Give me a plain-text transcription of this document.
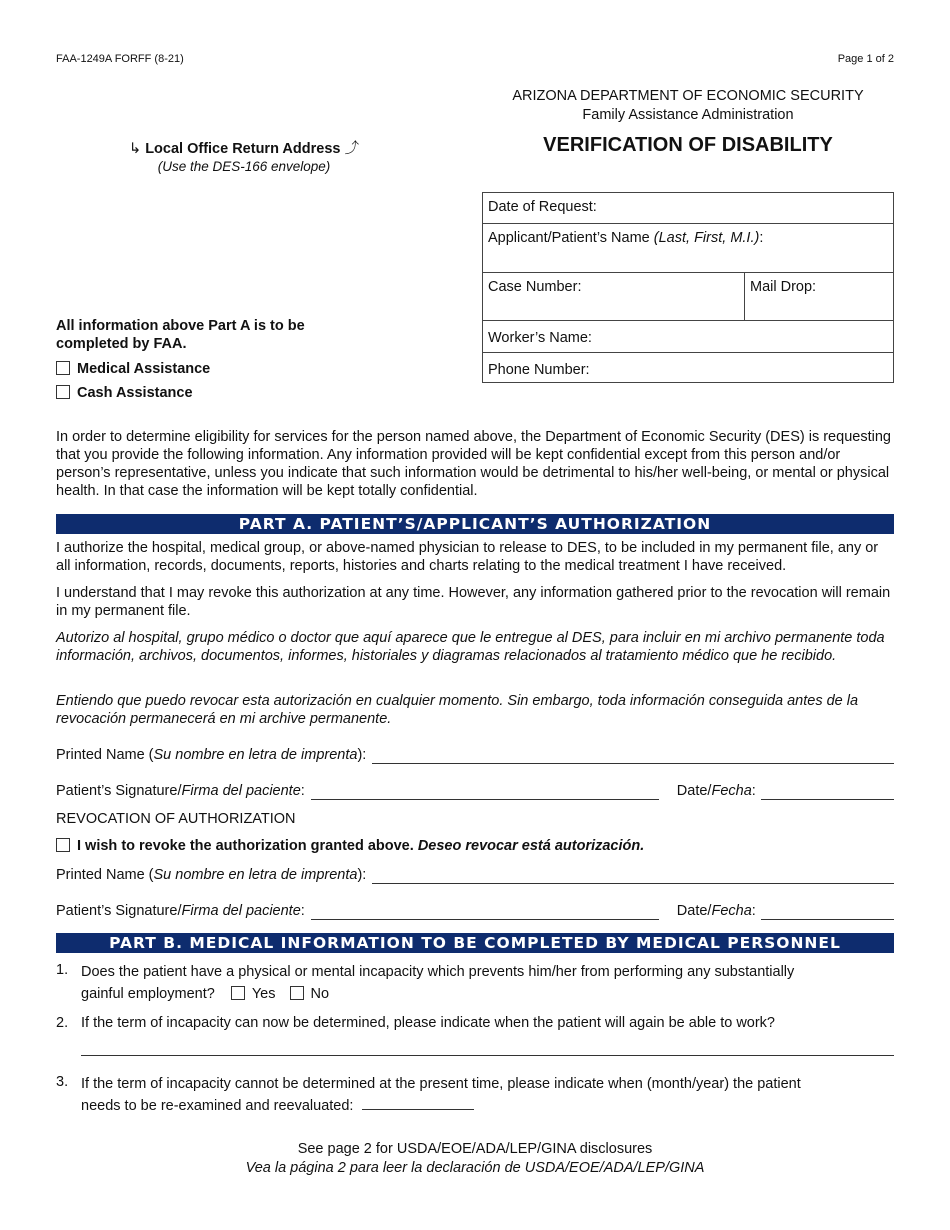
FAA-1249A FORFF (8-21)	Page 1 of 2
ARIZONA DEPARTMENT OF ECONOMIC SECURITY
Family Assistance Administration
VERIFICATION OF DISABILITY
↳ Local Office Return Address ⤴
(Use the DES-166 envelope)
Date of Request:
Applicant/Patient’s Name (Last, First, M.I.):
Case Number:	Mail Drop:
Worker’s Name:
Phone Number:
All information above Part A is to be completed by FAA.
Medical Assistance
Cash Assistance

In order to determine eligibility for services for the person named above, the Department of Economic Security (DES) is requesting that you provide the following information. Any information provided will be kept confidential except from this person and/or person’s representative, unless you indicate that such information would be detrimental to his/her well-being, or mental or physical health. In that case the information will be kept totally confidential.

PART A. PATIENT’S/APPLICANT’S AUTHORIZATION

I authorize the hospital, medical group, or above-named physician to release to DES, to be included in my permanent file, any or all information, records, documents, reports, histories and charts relating to the medical treatment I have received.

I understand that I may revoke this authorization at any time. However, any information gathered prior to the revocation will remain in my permanent file.

Autorizo al hospital, grupo médico o doctor que aquí aparece que le entregue al DES, para incluir en mi archivo permanente toda información, archivos, documentos, informes, historiales y diagramas relacionados al tratamiento médico que he recibido.

Entiendo que puedo revocar esta autorización en cualquier momento. Sin embargo, toda información conseguida antes de la revocación permanecerá en mi archive permanente.

Printed Name ( Su nombre en letra de imprenta ):
Patient’s Signature/ Firma del paciente :	Date/ Fecha :
REVOCATION OF AUTHORIZATION
I wish to revoke the authorization granted above. Deseo revocar está autorización.
Printed Name ( Su nombre en letra de imprenta ):
Patient’s Signature/ Firma del paciente :	Date/ Fecha :
PART B. MEDICAL INFORMATION TO BE COMPLETED BY MEDICAL PERSONNEL
1. Does the patient have a physical or mental incapacity which prevents him/her from performing any substantially
gainful employment?	Yes No
2. If the term of incapacity can now be determined, please indicate when the patient will again be able to work?
3. If the term of incapacity cannot be determined at the present time, please indicate when (month/year) the patient
needs to be re-examined and reevaluated:
See page 2 for USDA/EOE/ADA/LEP/GINA disclosures
Vea la página 2 para leer la declaración de USDA/EOE/ADA/LEP/GINA
